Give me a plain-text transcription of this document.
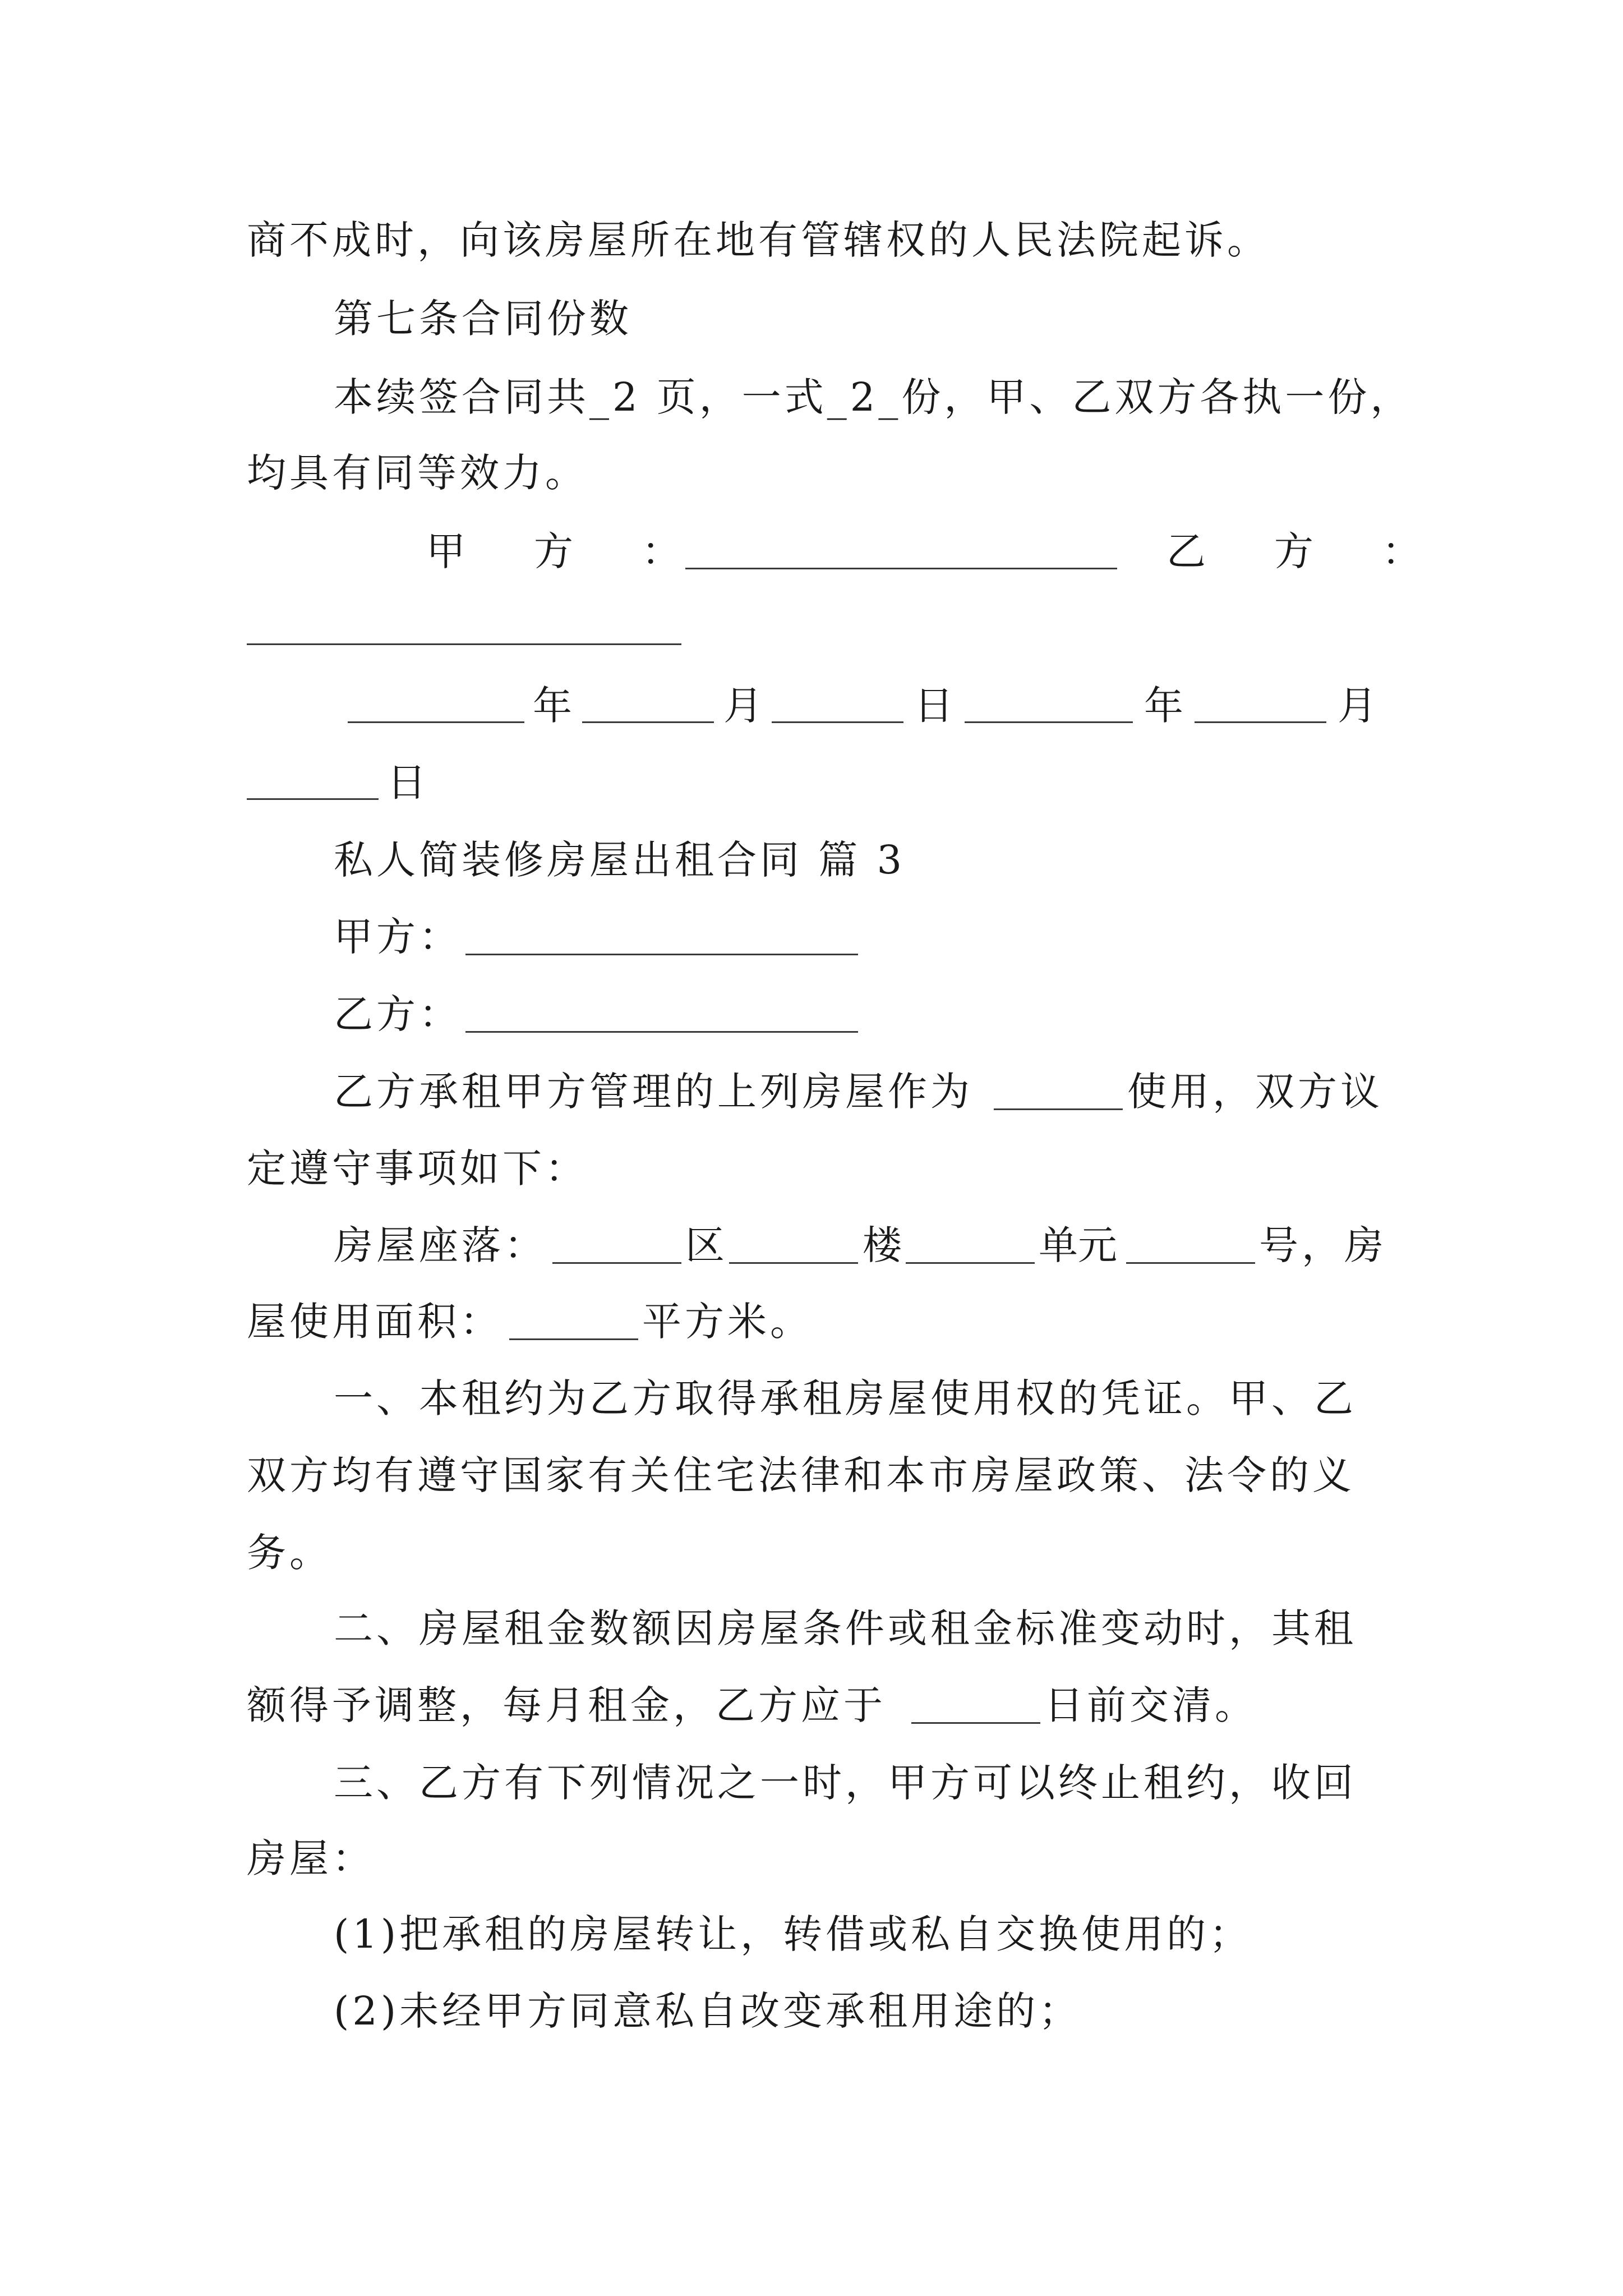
商不成时，向该房屋所在地有管辖权的人民法院起诉。
第七条合同份数
本续签合同共_2 页，一式_2_份，甲、乙双方各执一份，
均具有同等效力。
甲　方　：	乙　方　：
年	月	日	年	月
日
私人简装修房屋出租合同 篇 3
甲方：
乙方：
乙方承租甲方管理的上列房屋作为	使用，双方议
定遵守事项如下：
房屋座落：	区	楼	单元	号，房
屋使用面积：	平方米。
一、本租约为乙方取得承租房屋使用权的凭证。甲、乙
双方均有遵守国家有关住宅法律和本市房屋政策、法令的义
务。
二、房屋租金数额因房屋条件或租金标准变动时，其租
额得予调整，每月租金，乙方应于	日前交清。
三、乙方有下列情况之一时，甲方可以终止租约，收回
房屋：
(1)把承租的房屋转让，转借或私自交换使用的；
(2)未经甲方同意私自改变承租用途的；
